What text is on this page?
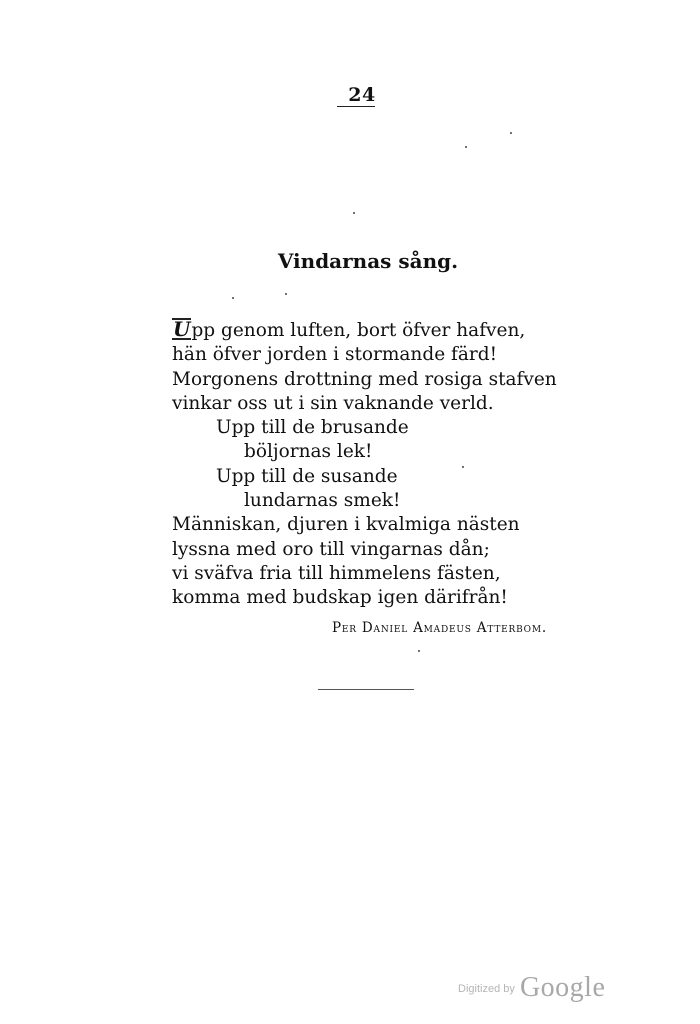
24
Vindarnas sång.
Upp genom luften, bort öfver hafven,
hän öfver jorden i stormande färd!
Morgonens drottning med rosiga stafven
vinkar oss ut i sin vaknande verld.
Upp till de brusande
böljornas lek!
Upp till de susande
lundarnas smek!
Människan, djuren i kvalmiga nästen
lyssna med oro till vingarnas dån;
vi sväfva fria till himmelens fästen,
komma med budskap igen därifrån!
Per Daniel Amadeus Atterbom.
Digitized by Google
